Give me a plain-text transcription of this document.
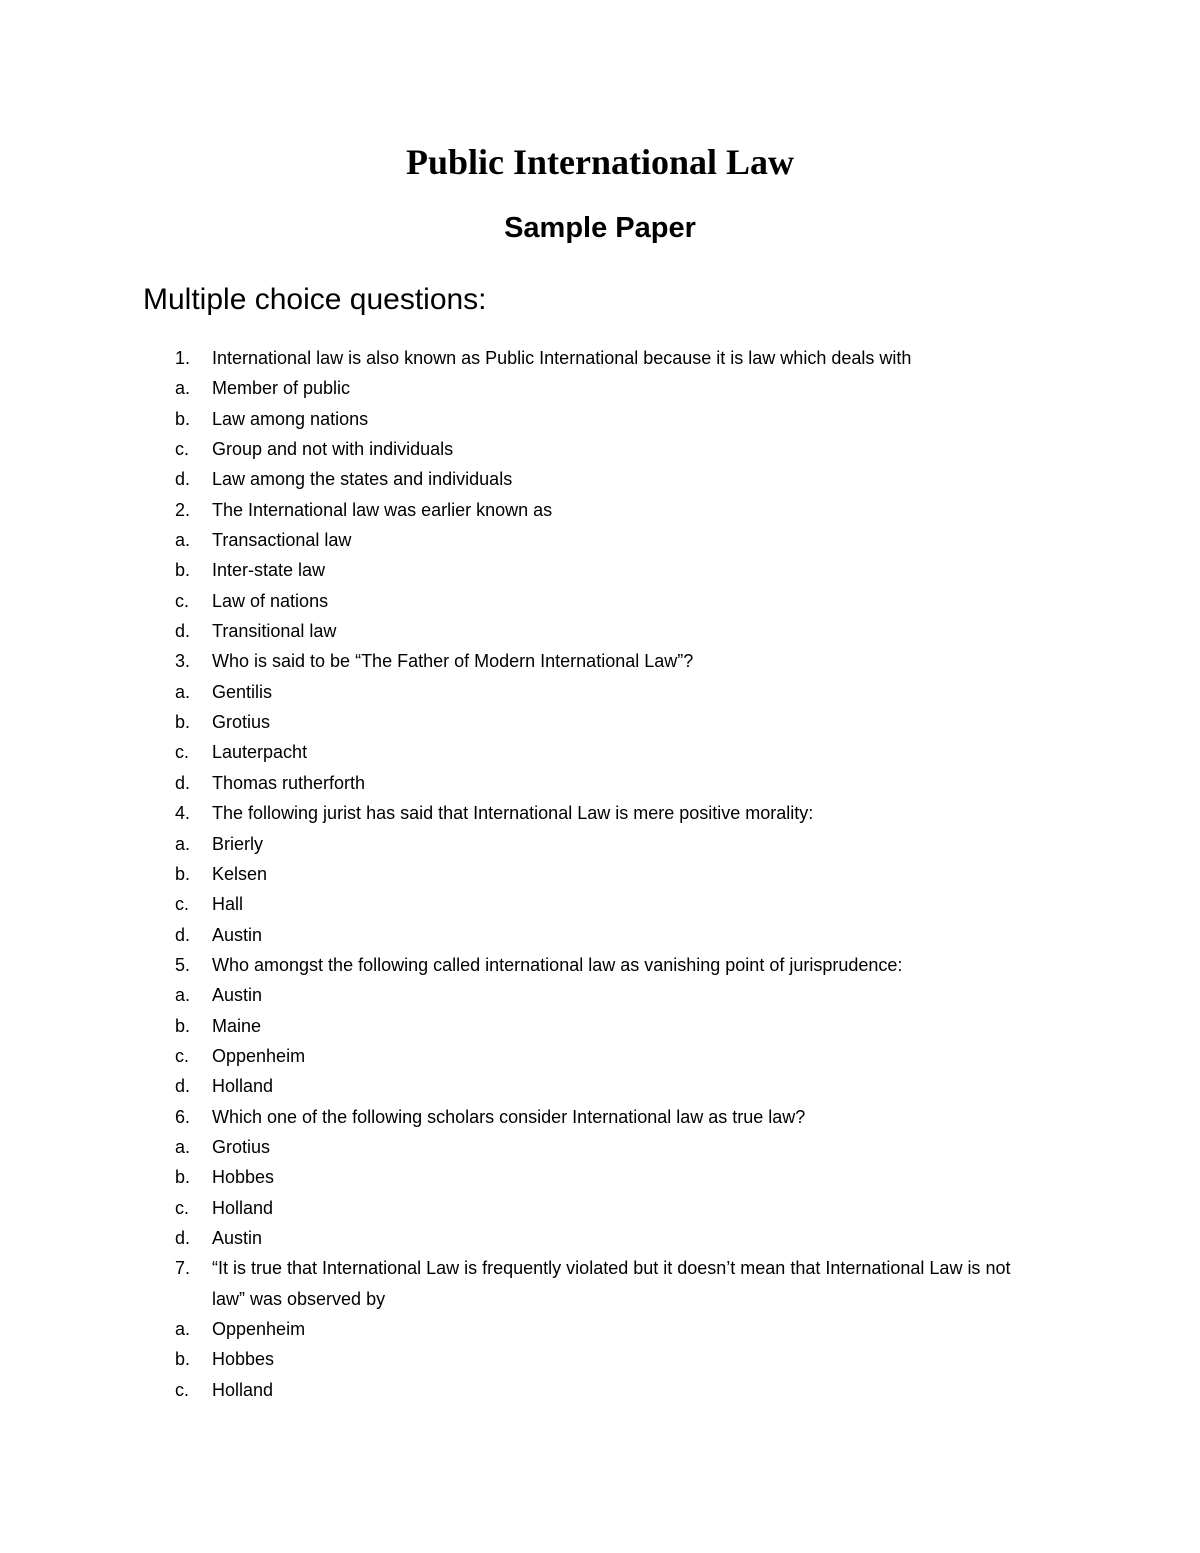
Public International Law
Sample Paper
Multiple choice questions:
1.	International law is also known as Public International because it is law which deals with
a.	Member of public
b.	Law among nations
c.	Group and not with individuals
d.	Law among the states and individuals
2.	The International law was earlier known as
a.	Transactional law
b.	Inter-state law
c.	Law of nations
d.	Transitional law
3.	Who is said to be “The Father of Modern International Law”?
a.	Gentilis
b.	Grotius
c.	Lauterpacht
d.	Thomas rutherforth
4.	The following jurist has said that International Law is mere positive morality:
a.	Brierly
b.	Kelsen
c.	Hall
d.	Austin
5.	Who amongst the following called international law as vanishing point of jurisprudence:
a.	Austin
b.	Maine
c.	Oppenheim
d.	Holland
6.	Which one of the following scholars consider International law as true law?
a.	Grotius
b.	Hobbes
c.	Holland
d.	Austin
7.	“It is true that International Law is frequently violated but it doesn’t mean that International Law is not law” was observed by
a.	Oppenheim
b.	Hobbes
c.	Holland
